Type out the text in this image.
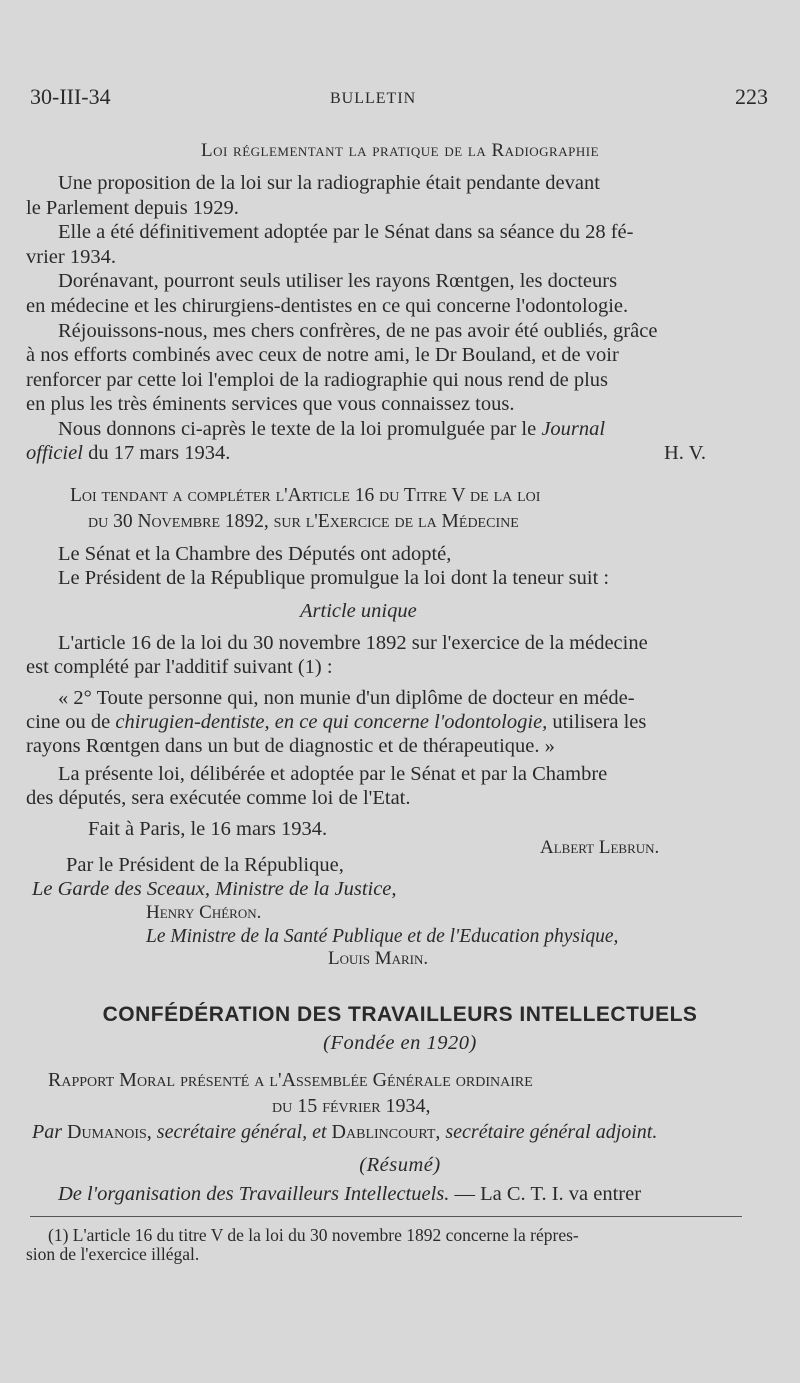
30-III-34	BULLETIN	223
Loi réglementant la pratique de la Radiographie
Une proposition de la loi sur la radiographie était pendante devant
le Parlement depuis 1929.
Elle a été définitivement adoptée par le Sénat dans sa séance du 28 fé-
vrier 1934.
Dorénavant, pourront seuls utiliser les rayons Rœntgen, les docteurs
en médecine et les chirurgiens-dentistes en ce qui concerne l'odontologie.
Réjouissons-nous, mes chers confrères, de ne pas avoir été oubliés, grâce
à nos efforts combinés avec ceux de notre ami, le Dr Bouland, et de voir
renforcer par cette loi l'emploi de la radiographie qui nous rend de plus
en plus les très éminents services que vous connaissez tous.
Nous donnons ci-après le texte de la loi promulguée par le Journal
officiel du 17 mars 1934.	H. V.
Loi tendant a compléter l'Article 16 du Titre V de la loi
du 30 Novembre 1892, sur l'Exercice de la Médecine
Le Sénat et la Chambre des Députés ont adopté,
Le Président de la République promulgue la loi dont la teneur suit :
Article unique
L'article 16 de la loi du 30 novembre 1892 sur l'exercice de la médecine
est complété par l'additif suivant (1) :
« 2° Toute personne qui, non munie d'un diplôme de docteur en méde-
cine ou de chirugien-dentiste, en ce qui concerne l'odontologie, utilisera les
rayons Rœntgen dans un but de diagnostic et de thérapeutique. »
La présente loi, délibérée et adoptée par le Sénat et par la Chambre
des députés, sera exécutée comme loi de l'Etat.
Fait à Paris, le 16 mars 1934.
Albert Lebrun.
Par le Président de la République,
Le Garde des Sceaux, Ministre de la Justice,
Henry Chéron.
Le Ministre de la Santé Publique et de l'Education physique,
Louis Marin.
CONFÉDÉRATION DES TRAVAILLEURS INTELLECTUELS
(Fondée en 1920)
Rapport Moral présenté a l'Assemblée Générale ordinaire
du 15 février 1934,
Par Dumanois, secrétaire général, et Dablincourt, secrétaire général adjoint.
(Résumé)
De l'organisation des Travailleurs Intellectuels. — La C. T. I. va entrer
(1) L'article 16 du titre V de la loi du 30 novembre 1892 concerne la répres-
sion de l'exercice illégal.
